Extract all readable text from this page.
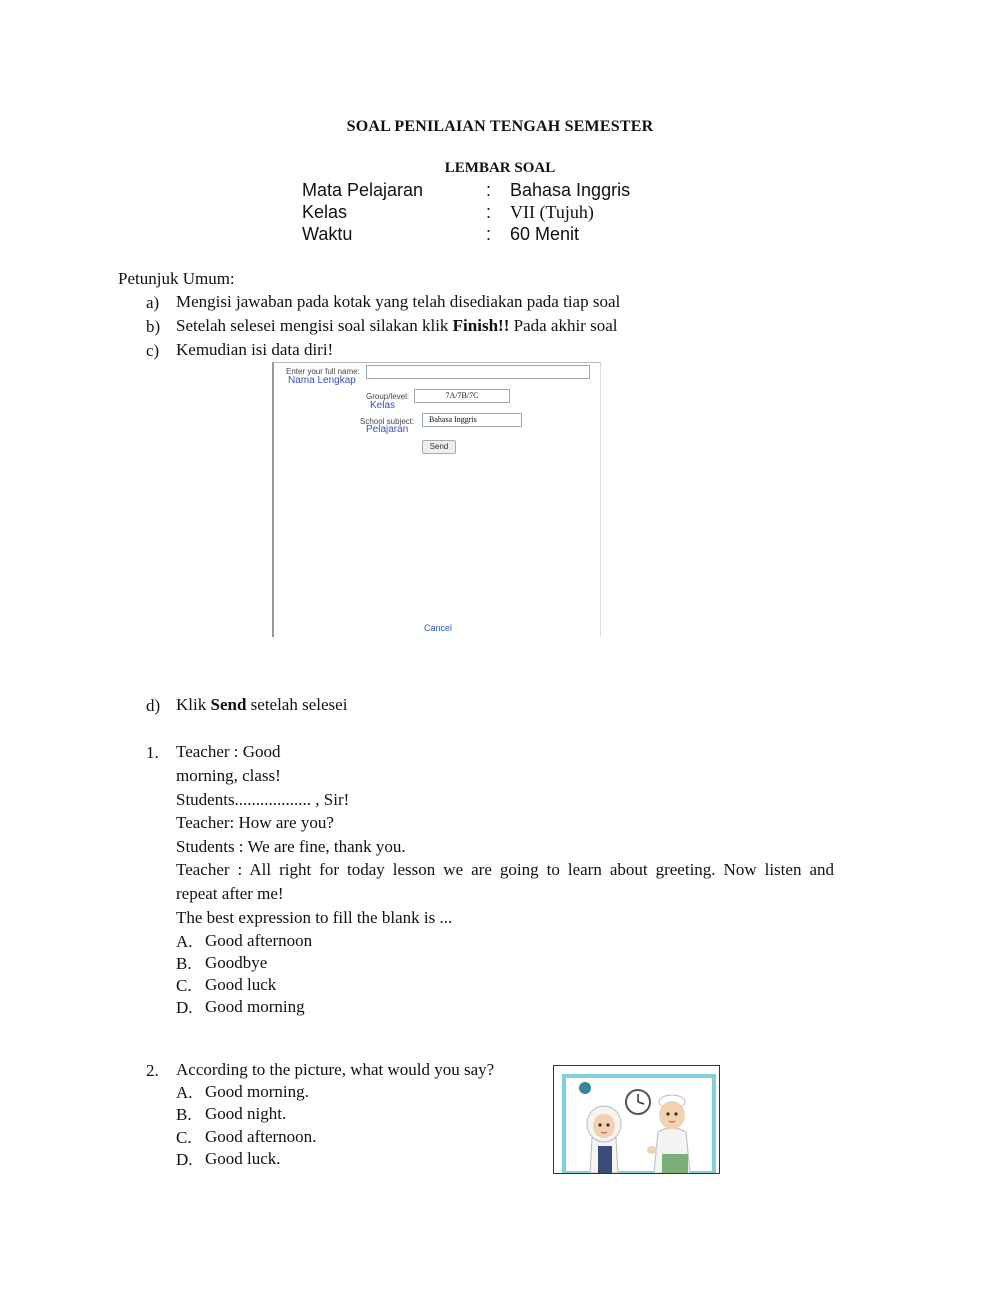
SOAL PENILAIAN TENGAH SEMESTER
LEMBAR SOAL
Mata Pelajaran	: Bahasa Inggris
Kelas	: VII (Tujuh)
Waktu	: 60 Menit
Petunjuk Umum:
a) Mengisi jawaban pada kotak yang telah disediakan pada tiap soal
b) Setelah selesei mengisi soal silakan klik Finish!! Pada akhir soal
c) Kemudian isi data diri!
Enter your full name:
Nama Lengkap
Group/level:	7A/7B/7C
Kelas
School subject:	Bahasa Inggris
Pelajaran
Send
Cancel
d) Klik Send setelah selesei
1. Teacher : Good
morning, class!
Students.................. , Sir!
Teacher: How are you?
Students : We are fine, thank you.
Teacher : All right for today lesson we are going to learn about greeting. Now listen and
repeat after me!
The best expression to fill the blank is ...
A. Good afternoon
B. Goodbye
C. Good luck
D. Good morning
2. According to the picture, what would you say?
A. Good morning.
B. Good night.
C. Good afternoon.
D. Good luck.
